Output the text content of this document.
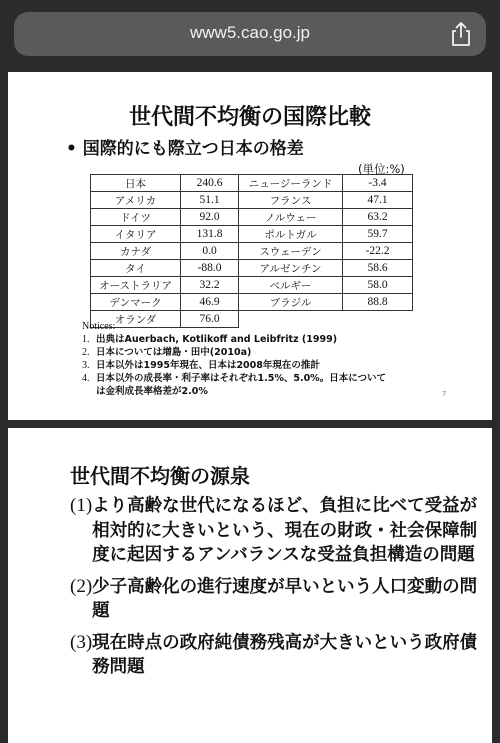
www5.cao.go.jp
世代間不均衡の国際比較
• 国際的にも際立つ日本の格差
(単位:%)
日本	240.6	ニュージーランド	-3.4
アメリカ	51.1	フランス	47.1
ドイツ	92.0	ノルウェー	63.2
イタリア	131.8	ポルトガル	59.7
カナダ	0.0	スウェーデン	-22.2
タイ	-88.0	アルゼンチン	58.6
オーストラリア	32.2	ベルギー	58.0
デンマーク	46.9	ブラジル	88.8
オランダ	76.0		
Notices:
1. 出典はAuerbach, Kotlikoff and Leibfritz (1999)
2. 日本については増島・田中(2010a)
3. 日本以外は1995年現在、日本は2008年現在の推計
4. 日本以外の成長率・利子率はそれぞれ1.5%、5.0%。日本について
は金利成長率格差が2.0%	7
世代間不均衡の源泉
(1) より高齢な世代になるほど、負担に比べて受益が相対的に大きいという、現在の財政・社会保障制度に起因するアンバランスな受益負担構造の問題
(2) 少子高齢化の進行速度が早いという人口変動の問題
(3) 現在時点の政府純債務残高が大きいという政府債務問題
